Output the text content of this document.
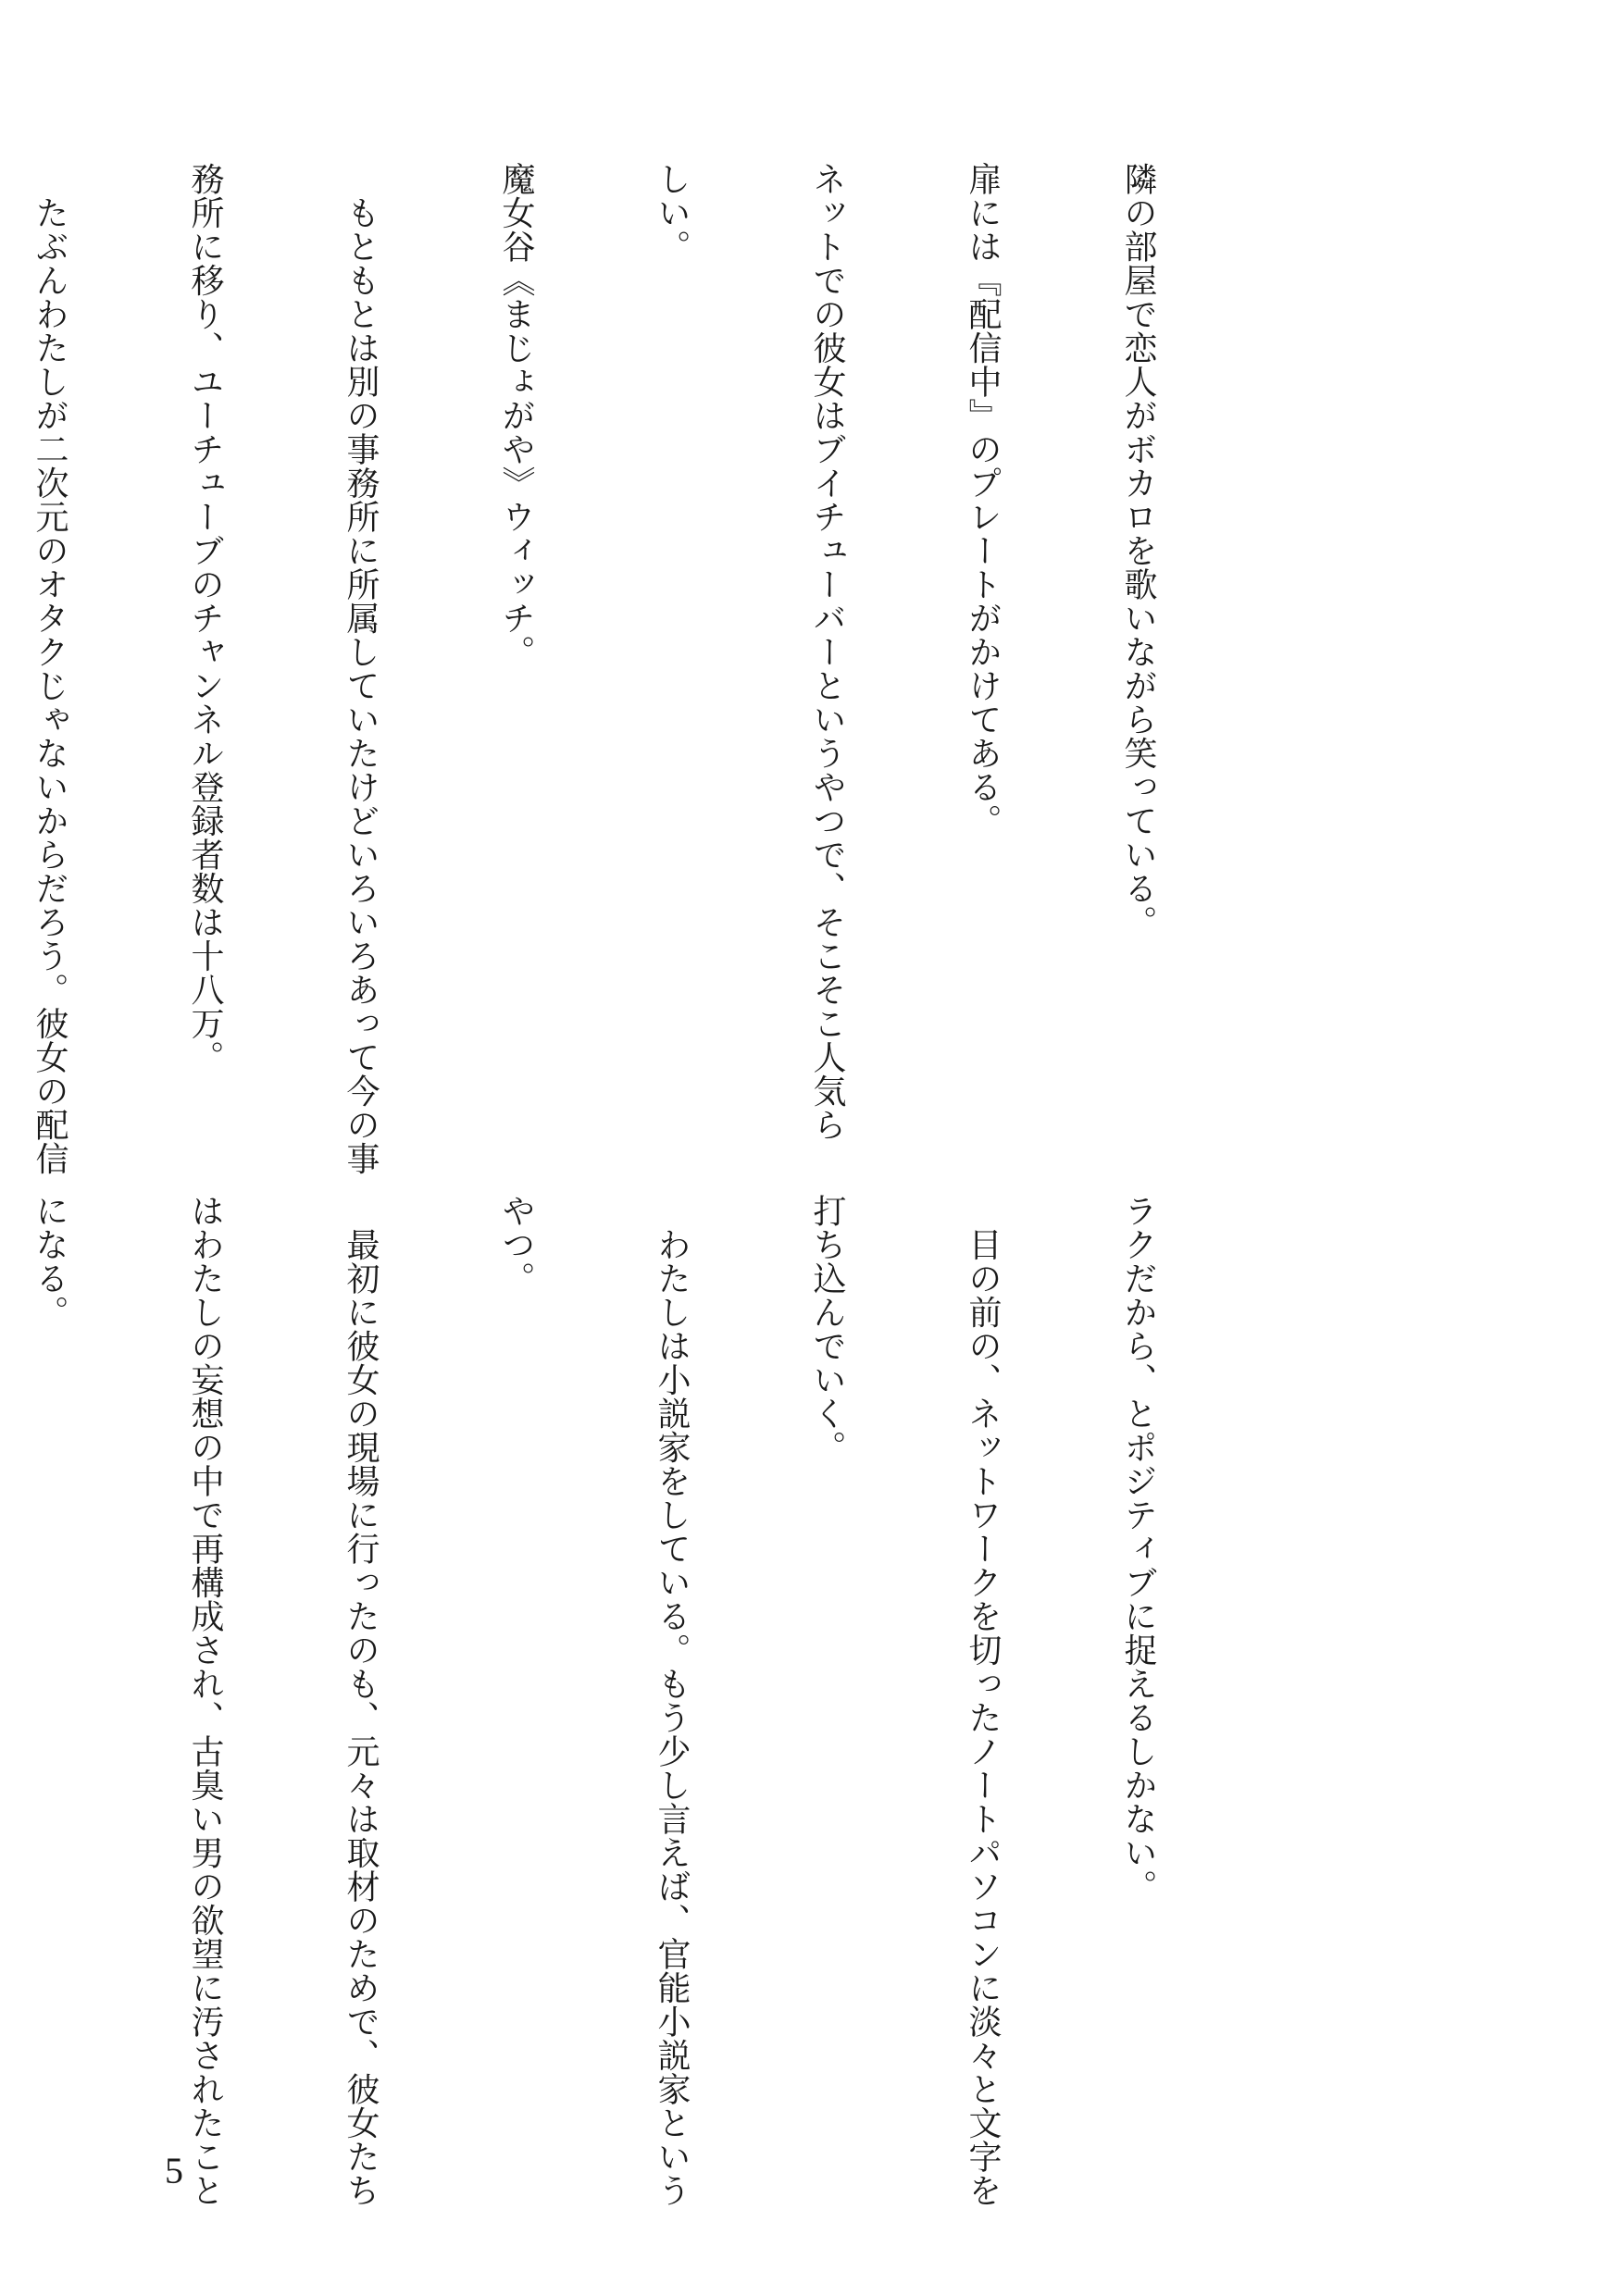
隣の部屋で恋人がボカロを歌いながら笑っている。

扉には『配信中』のプレートがかけてある。

ネットでの彼女はブイチューバーというやつで、そこそこ人気ら

しい。

魔女谷《まじょがや》ウィッチ。

　もともとは別の事務所に所属していたけどいろいろあって今の事

務所に移り、ユーチューブのチャンネル登録者数は十八万。

　たぶんわたしが二次元のオタクじゃないからだろう。彼女の配信

ラクだから、とポジティブに捉えるしかない。

　目の前の、ネットワークを切ったノートパソコンに淡々と文字を

打ち込んでいく。

　わたしは小説家をしている。もう少し言えば、官能小説家という

やつ。

　最初に彼女の現場に行ったのも、元々は取材のためで、彼女たち

はわたしの妄想の中で再構成され、古臭い男の欲望に汚されたこと

になる。

5
